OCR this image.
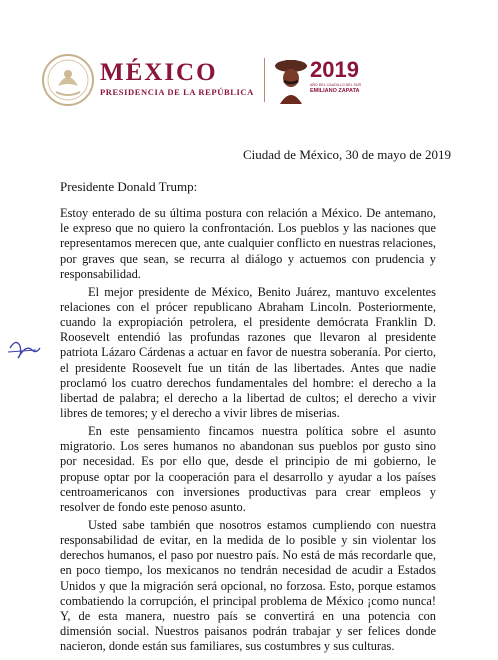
MÉXICO
PRESIDENCIA DE LA REPÚBLICA
2019
AÑO DEL CAUDILLO DEL SUR
EMILIANO ZAPATA
Ciudad de México, 30 de mayo de 2019
Presidente Donald Trump:

Estoy enterado de su última postura con relación a México. De antemano, le expreso que no quiero la confrontación. Los pueblos y las naciones que representamos merecen que, ante cualquier conflicto en nuestras relaciones, por graves que sean, se recurra al diálogo y actuemos con prudencia y responsabilidad.

El mejor presidente de México, Benito Juárez, mantuvo excelentes relaciones con el prócer republicano Abraham Lincoln. Posteriormente, cuando la expropiación petrolera, el presidente demócrata Franklin D. Roosevelt entendió las profundas razones que llevaron al presidente patriota Lázaro Cárdenas a actuar en favor de nuestra soberanía. Por cierto, el presidente Roosevelt fue un titán de las libertades. Antes que nadie proclamó los cuatro derechos fundamentales del hombre: el derecho a la libertad de palabra; el derecho a la libertad de cultos; el derecho a vivir libres de temores; y el derecho a vivir libres de miserias.

En este pensamiento fincamos nuestra política sobre el asunto migratorio. Los seres humanos no abandonan sus pueblos por gusto sino por necesidad. Es por ello que, desde el principio de mi gobierno, le propuse optar por la cooperación para el desarrollo y ayudar a los países centroamericanos con inversiones productivas para crear empleos y resolver de fondo este penoso asunto.

Usted sabe también que nosotros estamos cumpliendo con nuestra responsabilidad de evitar, en la medida de lo posible y sin violentar los derechos humanos, el paso por nuestro país. No está de más recordarle que, en poco tiempo, los mexicanos no tendrán necesidad de acudir a Estados Unidos y que la migración será opcional, no forzosa. Esto, porque estamos combatiendo la corrupción, el principal problema de México ¡como nunca! Y, de esta manera, nuestro país se convertirá en una potencia con dimensión social. Nuestros paisanos podrán trabajar y ser felices donde nacieron, donde están sus familiares, sus costumbres y sus culturas.
